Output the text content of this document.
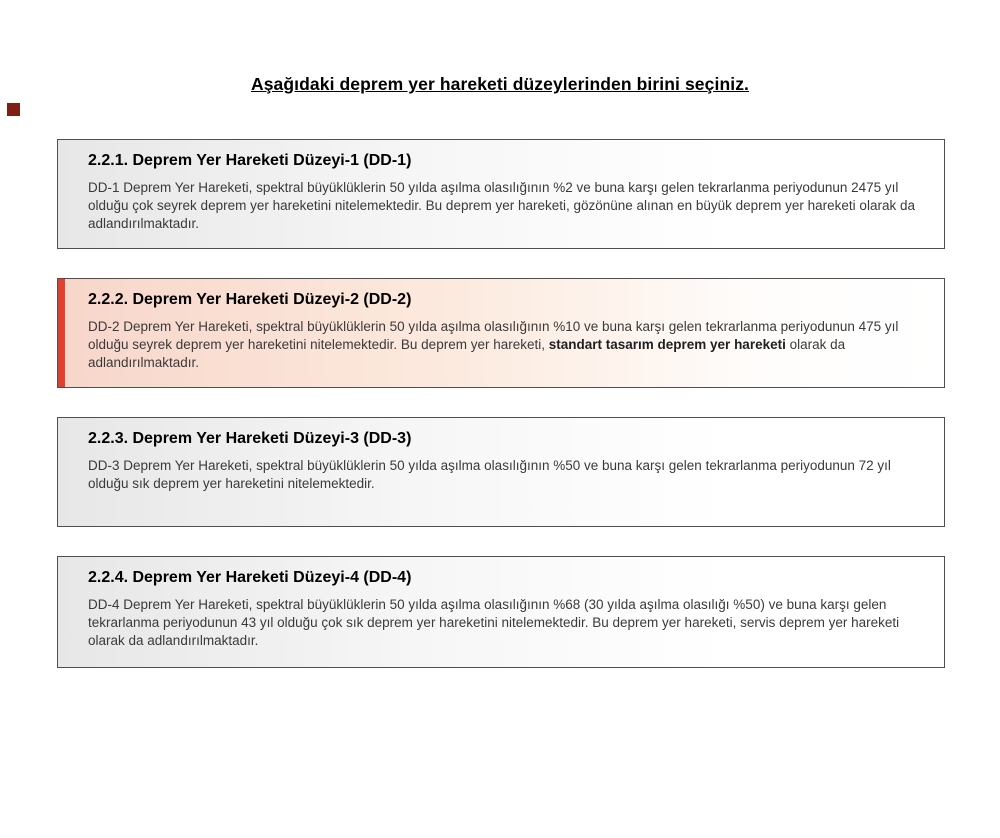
Aşağıdaki deprem yer hareketi düzeylerinden birini seçiniz.
2.2.1. Deprem Yer Hareketi Düzeyi-1 (DD-1)

DD-1 Deprem Yer Hareketi, spektral büyüklüklerin 50 yılda aşılma olasılığının %2 ve buna karşı gelen tekrarlanma periyodunun 2475 yıl olduğu çok seyrek deprem yer hareketini nitelemektedir. Bu deprem yer hareketi, gözönüne alınan en büyük deprem yer hareketi olarak da adlandırılmaktadır.

2.2.2. Deprem Yer Hareketi Düzeyi-2 (DD-2)

DD-2 Deprem Yer Hareketi, spektral büyüklüklerin 50 yılda aşılma olasılığının %10 ve buna karşı gelen tekrarlanma periyodunun 475 yıl olduğu seyrek deprem yer hareketini nitelemektedir. Bu deprem yer hareketi, standart tasarım deprem yer hareketi olarak da adlandırılmaktadır.

2.2.3. Deprem Yer Hareketi Düzeyi-3 (DD-3)

DD-3 Deprem Yer Hareketi, spektral büyüklüklerin 50 yılda aşılma olasılığının %50 ve buna karşı gelen tekrarlanma periyodunun 72 yıl olduğu sık deprem yer hareketini nitelemektedir.

2.2.4. Deprem Yer Hareketi Düzeyi-4 (DD-4)

DD-4 Deprem Yer Hareketi, spektral büyüklüklerin 50 yılda aşılma olasılığının %68 (30 yılda aşılma olasılığı %50) ve buna karşı gelen tekrarlanma periyodunun 43 yıl olduğu çok sık deprem yer hareketini nitelemektedir. Bu deprem yer hareketi, servis deprem yer hareketi olarak da adlandırılmaktadır.
